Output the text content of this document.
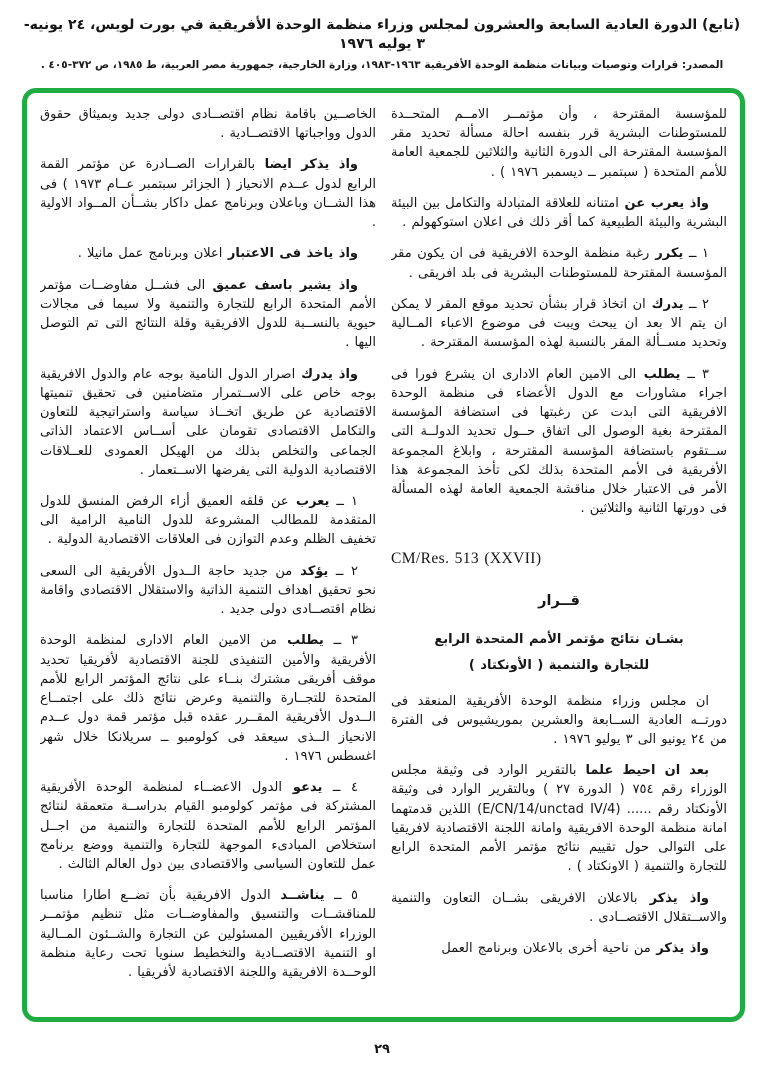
(تابع) الدورة العادية السابعة والعشرون لمجلس وزراء منظمة الوحدة الأفريقية في بورت لويس، ٢٤ يونيه- ٣ يوليه ١٩٧٦
المصدر: قرارات وتوصيات وبيانات منظمة الوحدة الأفريقية ١٩٦٣-١٩٨٣، وزارة الخارجية، جمهورية مصر العربية، ط ١٩٨٥، ص ٣٧٢-٤٠٥ .

للمؤسسة المقترحة ، وأن مؤتمــر الامــم المتحــدة للمستوطنات البشرية قرر بنفسه احالة مسألة تحديد مقر المؤسسة المقترحة الى الدورة الثانية والثلاثين للجمعية العامة للأمم المتحدة ( سبتمبر ــ ديسمبر ١٩٧٦ ) .

واذ يعرب عن امتنانه للعلاقة المتبادلة والتكامل بين البيئة البشرية والبيئة الطبيعية كما أقر ذلك فى اعلان استوكهولم .

١ ــ يكرر رغبة منظمة الوحدة الافريقية فى ان يكون مقر المؤسسة المقترحة للمستوطنات البشرية فى بلد افريقى .

٢ ــ يدرك ان اتخاذ قرار بشأن تحديد موقع المقر لا يمكن ان يتم الا بعد ان يبحث ويبت فى موضوع الاعباء المــالية وتحديد مســألة المقر بالنسبة لهذه المؤسسة المقترحة .

٣ ــ يطلب الى الامين العام الادارى ان يشرع فورا فى اجراء مشاورات مع الدول الأعضاء فى منظمة الوحدة الافريقية التى ابدت عن رغبتها فى استضافة المؤسسة المقترحة بغية الوصول الى اتفاق حــول تحديد الدولــة التى ســتقوم باستضافة المؤسسة المقترحة ، وابلاغ المجموعة الأفريقية فى الأمم المتحدة بذلك لكى تأخذ المجموعة هذا الأمر فى الاعتبار خلال مناقشة الجمعية العامة لهذه المسألة فى دورتها الثانية والثلاثين .

CM/Res. 513 (XXVII)

قــرار

بشـان نتائج مؤتمر الأمم المتحدة الرابع

للتجارة والتنمية ( الأونكتاد )

ان مجلس وزراء منظمة الوحدة الأفريقية المنعقد فى دورتــه العادية الســابعة والعشرين بموريشيوس فى الفترة من ٢٤ يونيو الى ٣ يوليو ١٩٧٦ .

بعد ان احيط علما بالتقرير الوارد فى وثيقة مجلس الوزراء رقم ٧٥٤ ( الدورة ٢٧ ) وبالتقرير الوارد فى وثيقة الأونكتاد رقم ...... (E/CN/14/unctad IV/4) اللذين قدمتهما امانة منظمة الوحدة الافريقية وامانة اللجنة الاقتصادية لافريقيا على التوالى حول تقييم نتائج مؤتمر الأمم المتحدة الرابع للتجارة والتنمية ( الاونكتاد ) .

واذ يذكر بالاعلان الافريقى بشــان التعاون والتنمية والاســتقلال الاقتصــادى .

واذ يذكر من ناحية أخرى بالاعلان وبرنامج العمل

الخاصــين باقامة نظام اقتصــادى دولى جديد وبميثاق حقوق الدول وواجباتها الاقتصــادية .

واذ يذكر ايضا بالقرارات الصــادرة عن مؤتمر القمة الرابع لدول عــدم الانحياز ( الجزائر سبتمبر عــام ١٩٧٣ ) فى هذا الشــان وباعلان وبرنامج عمل داكار بشــأن المــواد الاولية .

واذ ياخذ فى الاعتبار اعلان وبرنامج عمل مانيلا .

واذ يشير باسف عميق الى فشــل مفاوضــات مؤتمر الأمم المتحدة الرابع للتجارة والتنمية ولا سيما فى مجالات حيوية بالنســبة للدول الافريقية وقلة النتائج التى تم التوصل اليها .

واذ يدرك اصرار الدول النامية بوجه عام والدول الافريقية بوجه خاص على الاســتمرار متضامنين فى تحقيق تنميتها الاقتصادية عن طريق اتخــاذ سياسة واستراتيجية للتعاون والتكامل الاقتصادى تقومان على أســاس الاعتماد الذاتى الجماعى والتخلص بذلك من الهيكل العمودى للعــلاقات الاقتصادية الدولية التى يفرضها الاســتعمار .

١ ــ يعرب عن قلقه العميق أزاء الرفض المنسق للدول المتقدمة للمطالب المشروعة للدول النامية الرامية الى تخفيف الظلم وعدم التوازن فى العلاقات الاقتصادية الدولية .

٢ ــ يؤكد من جديد حاجة الــدول الأفريقية الى السعى نحو تحقيق اهداف التنمية الذاتية والاستقلال الاقتصادى واقامة نظام اقتصــادى دولى جديد .

٣ ــ يطلب من الامين العام الادارى لمنظمة الوحدة الأفريقية والأمين التنفيذى للجنة الاقتصادية لأفريقيا تحديد موقف أفريقى مشترك بنــاء على نتائج المؤتمر الرابع للأمم المتحدة للتجــارة والتنمية وعرض نتائج ذلك على اجتمــاع الــدول الأفريقية المقــرر عقده قبل مؤتمر قمة دول عــدم الانحياز الــذى سيعقد فى كولومبو ــ سريلانكا خلال شهر اغسطس ١٩٧٦ .

٤ ــ يدعو الدول الاعضــاء لمنظمة الوحدة الأفريقية المشتركة فى مؤتمر كولومبو القيام بدراســة متعمقة لنتائج المؤتمر الرابع للأمم المتحدة للتجارة والتنمية من اجــل استخلاص المبادىء الموجهة للتجارة والتنمية ووضع برنامج عمل للتعاون السياسى والاقتصادى بين دول العالم الثالث .

٥ ــ يناشــد الدول الافريقية بأن تضــع اطارا مناسبا للمناقشــات والتنسيق والمفاوضــات مثل تنظيم مؤتمــر الوزراء الأفريقيين المسئولين عن التجارة والشــئون المــالية او التنمية الاقتصــادية والتخطيط سنويا تحت رعاية منظمة الوحــدة الافريقية واللجنة الاقتصادية لأفريقيا .

٢٩
